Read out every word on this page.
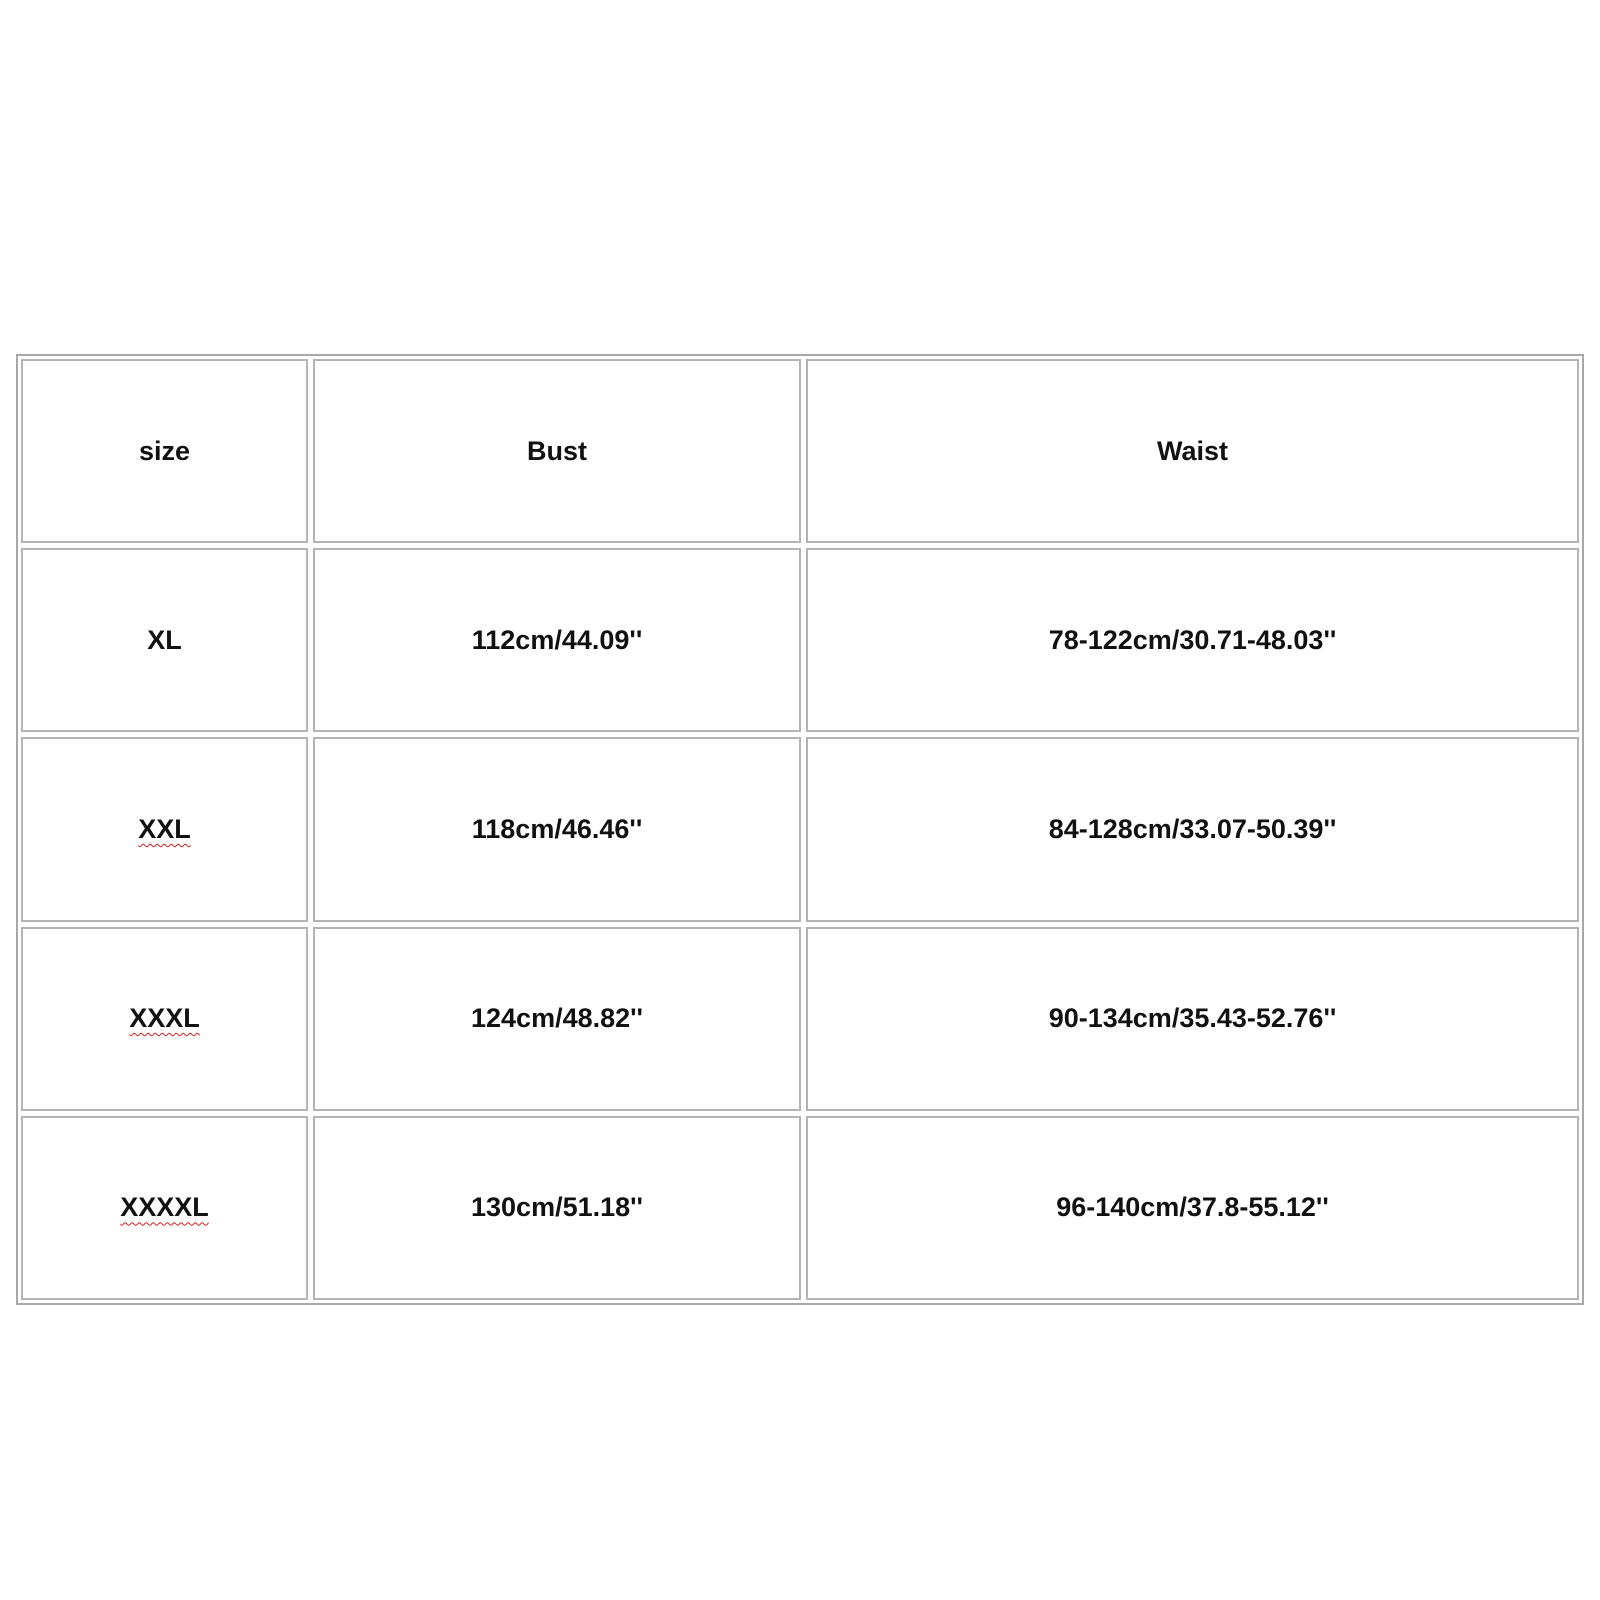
size	Bust	Waist
XL	112cm/44.09''	78-122cm/30.71-48.03''
XXL	118cm/46.46''	84-128cm/33.07-50.39''
XXXL	124cm/48.82''	90-134cm/35.43-52.76''
XXXXL	130cm/51.18''	96-140cm/37.8-55.12''
